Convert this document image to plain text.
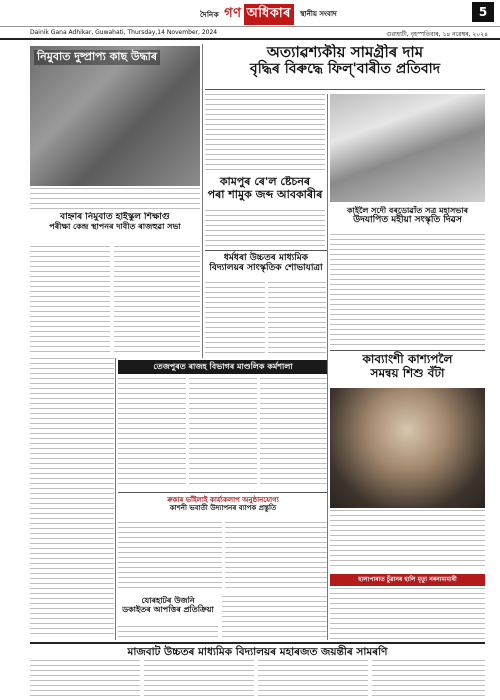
দৈনিক গণ অধিকাৰ	স্থানীয় সংবাদ	5
Dainik Gana Adhikar, Guwahati, Thursday,14 November, 2024	গুৱাহাটী, বৃহস্পতিবাৰ, ১৪ নৱেম্বৰ, ২০২৪
নিমুবাত দুষ্প্ৰাপ্য কাছ উদ্ধাৰ	অত্যাৱশ্যকীয় সামগ্ৰীৰ দাম
বৃদ্ধিৰ বিৰুদ্ধে ফিল্'বাৰীত প্ৰতিবাদ
কামপুৰ ৰে'ল ষ্টেচনৰ
পৰা শামুক জব্দ আবকাৰীৰ
কাইলৈ সদৌ বৰডোৱাঁত সত্ৰ মহাসভাৰ
উদযাপিত মহীয়া সংস্কৃতি দিৱস
বাহ্নাৰ নিমুবাত হাইস্কুল শিক্ষাগু
পৰীক্ষা কেন্দ্ৰ স্থাপনৰ দাবীত ৰাজহুৱা সভা
ধৰ্মধৰা উচ্চতৰ মাধ্যমিক
বিদ্যালয়ৰ সাংস্কৃতিক শোভাযাত্ৰা
কাব্যাংশী কাশ্যপলৈ
সমন্বয় শিশু বঁটা
তেজপুৰত ৰাজহ বিভাগৰ মাণ্ডলিক কৰ্মশালা
ৰুকাৰ ভাঁইলাই কাৰ্য্যকলাপ অনুষ্ঠানযোগ্য
কাশনী ভবাতী উদ্যাপনৰ ব্যাপক প্ৰস্তুতি
যোৰহাটৰ উজনি
ডকাইতৰ আপত্তিৰ প্ৰতিক্ৰিয়া
হালাপাৰাত চুঁৱানৰ হালি মৃত্যু নৰনামামাৰী
মাজবাট উচ্চতৰ মাধ্যমিক বিদ্যালয়ৰ মহাৰজত জয়ন্তীৰ সামৰণি
